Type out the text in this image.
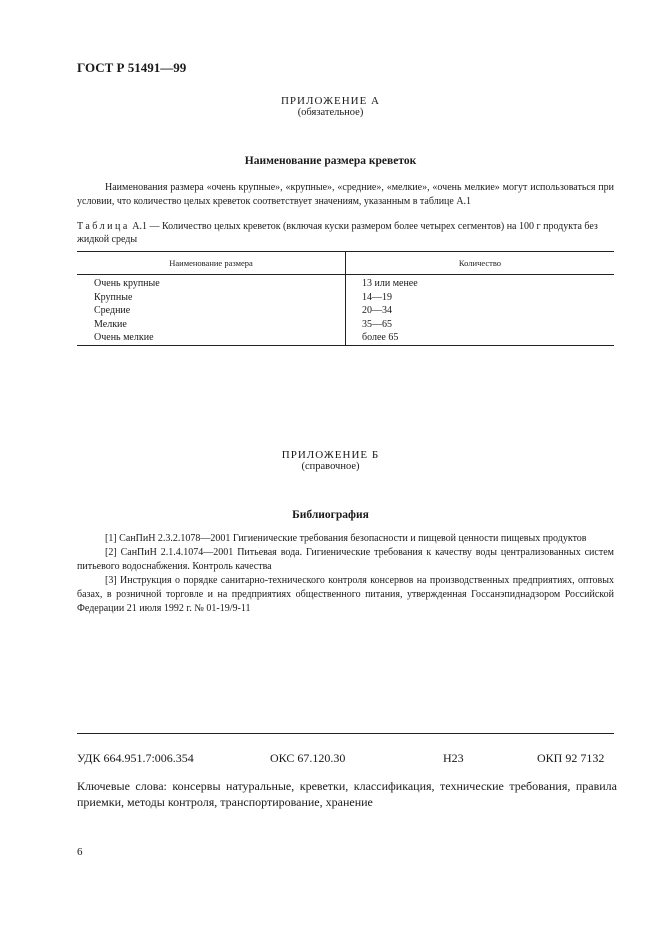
ГОСТ Р 51491—99
ПРИЛОЖЕНИЕ А
(обязательное)
Наименование размера креветок
Наименования размера «очень крупные», «крупные», «средние», «мелкие», «очень мелкие» могут использоваться при условии, что количество целых креветок соответствует значениям, указанным в таблице А.1
Таблица А.1 — Количество целых креветок (включая куски размером более четырех сегментов) на 100 г продукта без жидкой среды
Наименование размера	Количество
Очень крупные	13 или менее
Крупные	14—19
Средние	20—34
Мелкие	35—65
Очень мелкие	более 65
ПРИЛОЖЕНИЕ Б
(справочное)
Библиография

[1] СанПиН 2.3.2.1078—2001 Гигиенические требования безопасности и пищевой ценности пищевых продуктов

[2] СанПиН 2.1.4.1074—2001 Питьевая вода. Гигиенические требования к качеству воды централизованных систем питьевого водоснабжения. Контроль качества

[3] Инструкция о порядке санитарно-технического контроля консервов на производственных предприятиях, оптовых базах, в розничной торговле и на предприятиях общественного питания, утвержденная Госсанэпиднадзором Российской Федерации 21 июля 1992 г. № 01-19/9-11

УДК 664.951.7:006.354	ОКС 67.120.30	Н23	ОКП 92 7132
Ключевые слова: консервы натуральные, креветки, классификация, технические требования, правила приемки, методы контроля, транспортирование, хранение
6
